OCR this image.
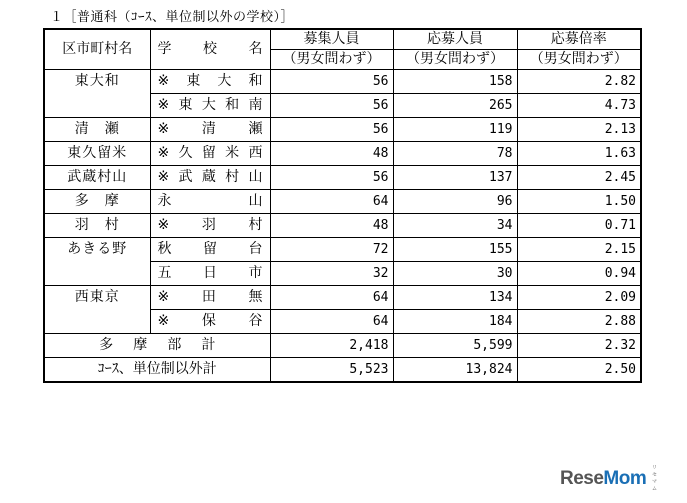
１［普通科（ｺｰｽ、単位制以外の学校）］
区市町村名	学 校 名	募集人員	応募人員	応募倍率
		（男女問わず）	（男女問わず）	（男女問わず）
東大和	※ 東 大 和	56	158	2.82

	※ 東 大 和 南	56	265	4.73
清　瀬	※ 清 瀬	56	119	2.13
東久留米	※ 久 留 米 西	48	78	1.63
武蔵村山	※ 武 蔵 村 山	56	137	2.45
多　摩	永 山	64	96	1.50
羽　村	※ 羽 村	48	34	0.71
あきる野	秋 留 台	72	155	2.15

	五 日 市	32	30	0.94
西東京	※ 田 無	64	134	2.09

	※ 保 谷	64	184	2.88

多 摩 部 計		2,418	5,599	2.32
ｺｰｽ、単位制以外計		5,523	13,824	2.50
ReseMom リセマム
